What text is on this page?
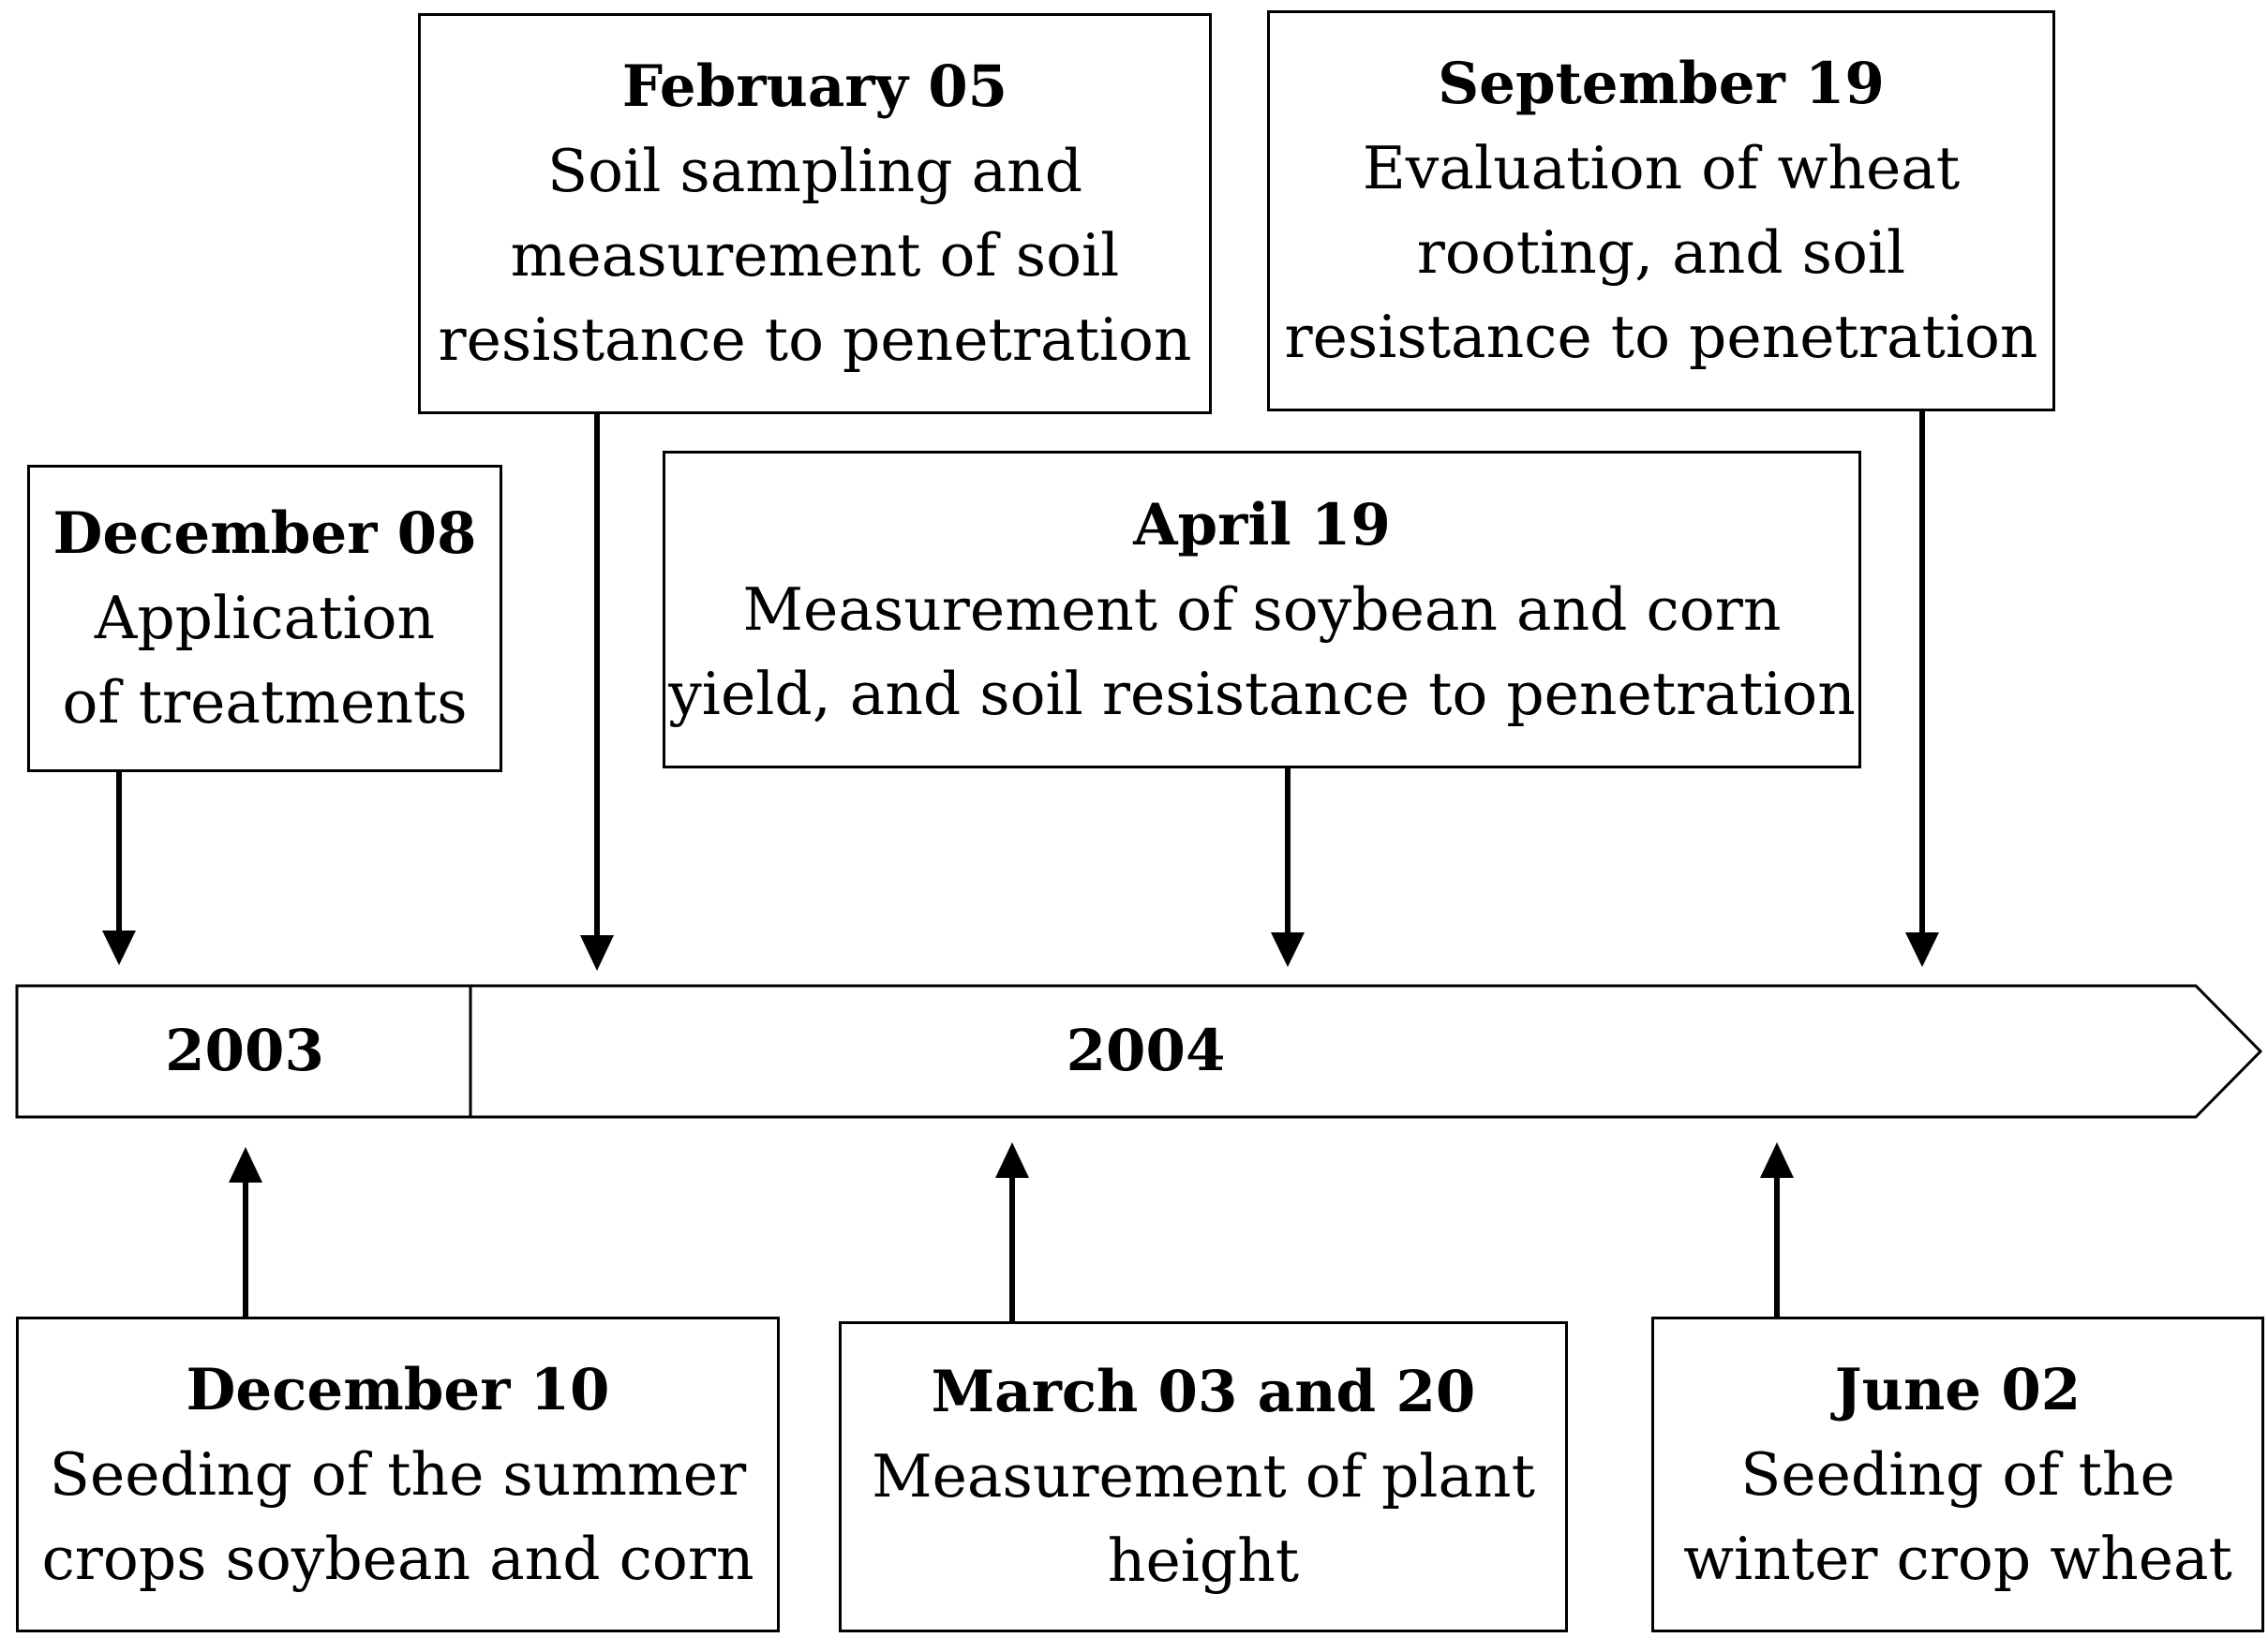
2003	2004
February 05
Soil sampling and
measurement of soil
resistance to penetration
September 19
Evaluation of wheat
rooting, and soil
resistance to penetration
December 08
Application
of treatments
April 19
Measurement of soybean and corn
yield, and soil resistance to penetration
December 10
Seeding of the summer
crops soybean and corn
March 03 and 20
Measurement of plant
height
June 02
Seeding of the
winter crop wheat
